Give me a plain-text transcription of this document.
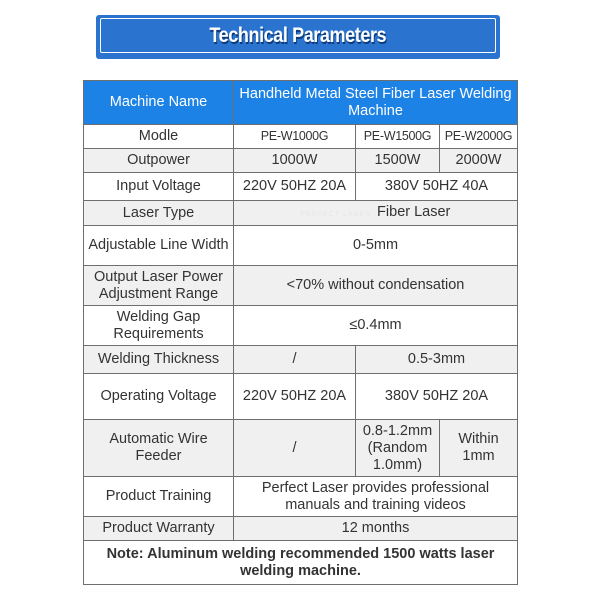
Technical Parameters
Machine Name	Handheld Metal Steel Fiber Laser Welding Machine		
Modle	PE-W1000G	PE-W1500G	PE-W2000G
Outpower	1000W	1500W	2000W
Input Voltage	220V 50HZ 20A	380V 50HZ 40A	
Laser Type	PERFECT LASER Fiber Laser		
Adjustable Line Width	0-5mm		
Output Laser Power Adjustment Range	<70% without condensation		
Welding Gap Requirements	≤0.4mm		
Welding Thickness	/	0.5-3mm	
Operating Voltage	220V 50HZ 20A	380V 50HZ 20A	
Automatic Wire Feeder	/	0.8-1.2mm (Random 1.0mm)	Within 1mm
Product Training	Perfect Laser provides professional manuals and training videos		
Product Warranty	12 months		
Note: Aluminum welding recommended 1500 watts laser welding machine.			
